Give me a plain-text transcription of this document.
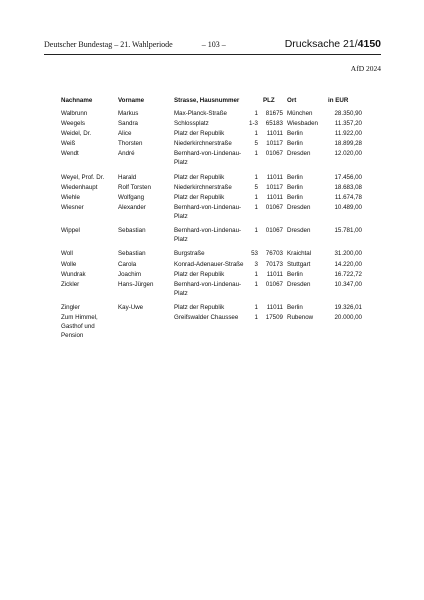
Deutscher Bundestag – 21. Wahlperiode	– 103 –	Drucksache 21/4150
AfD 2024
Nachname	Vorname	Strasse, Hausnummer		PLZ	Ort	in EUR
Walbrunn	Markus	Max-Planck-Straße	1	81675	München	28.350,90
Weegels	Sandra	Schlossplatz	1-3	65183	Wiesbaden	11.357,20
Weidel, Dr.	Alice	Platz der Republik	1	11011	Berlin	11.922,00
Weiß	Thorsten	Niederkirchnerstraße	5	10117	Berlin	18.899,28
Wendt	André	Bernhard-von-Lindenau-Platz	1	01067	Dresden	12.020,00
Weyel, Prof. Dr.	Harald	Platz der Republik	1	11011	Berlin	17.456,00
Wiedenhaupt	Rolf Torsten	Niederkirchnerstraße	5	10117	Berlin	18.683,08
Wiehle	Wolfgang	Platz der Republik	1	11011	Berlin	11.674,78
Wiesner	Alexander	Bernhard-von-Lindenau-Platz	1	01067	Dresden	10.489,00
Wippel	Sebastian	Bernhard-von-Lindenau-Platz	1	01067	Dresden	15.781,00
Woll	Sebastian	Burgstraße	53	76703	Kraichtal	31.200,00
Wolle	Carola	Konrad-Adenauer-Straße	3	70173	Stuttgart	14.220,00
Wundrak	Joachim	Platz der Republik	1	11011	Berlin	16.722,72
Zickler	Hans-Jürgen	Bernhard-von-Lindenau-Platz	1	01067	Dresden	10.347,00
Zingler	Kay-Uwe	Platz der Republik	1	11011	Berlin	19.326,01
Zum Himmel, Gasthof und Pension		Greifswalder Chaussee	1	17509	Rubenow	20.000,00
